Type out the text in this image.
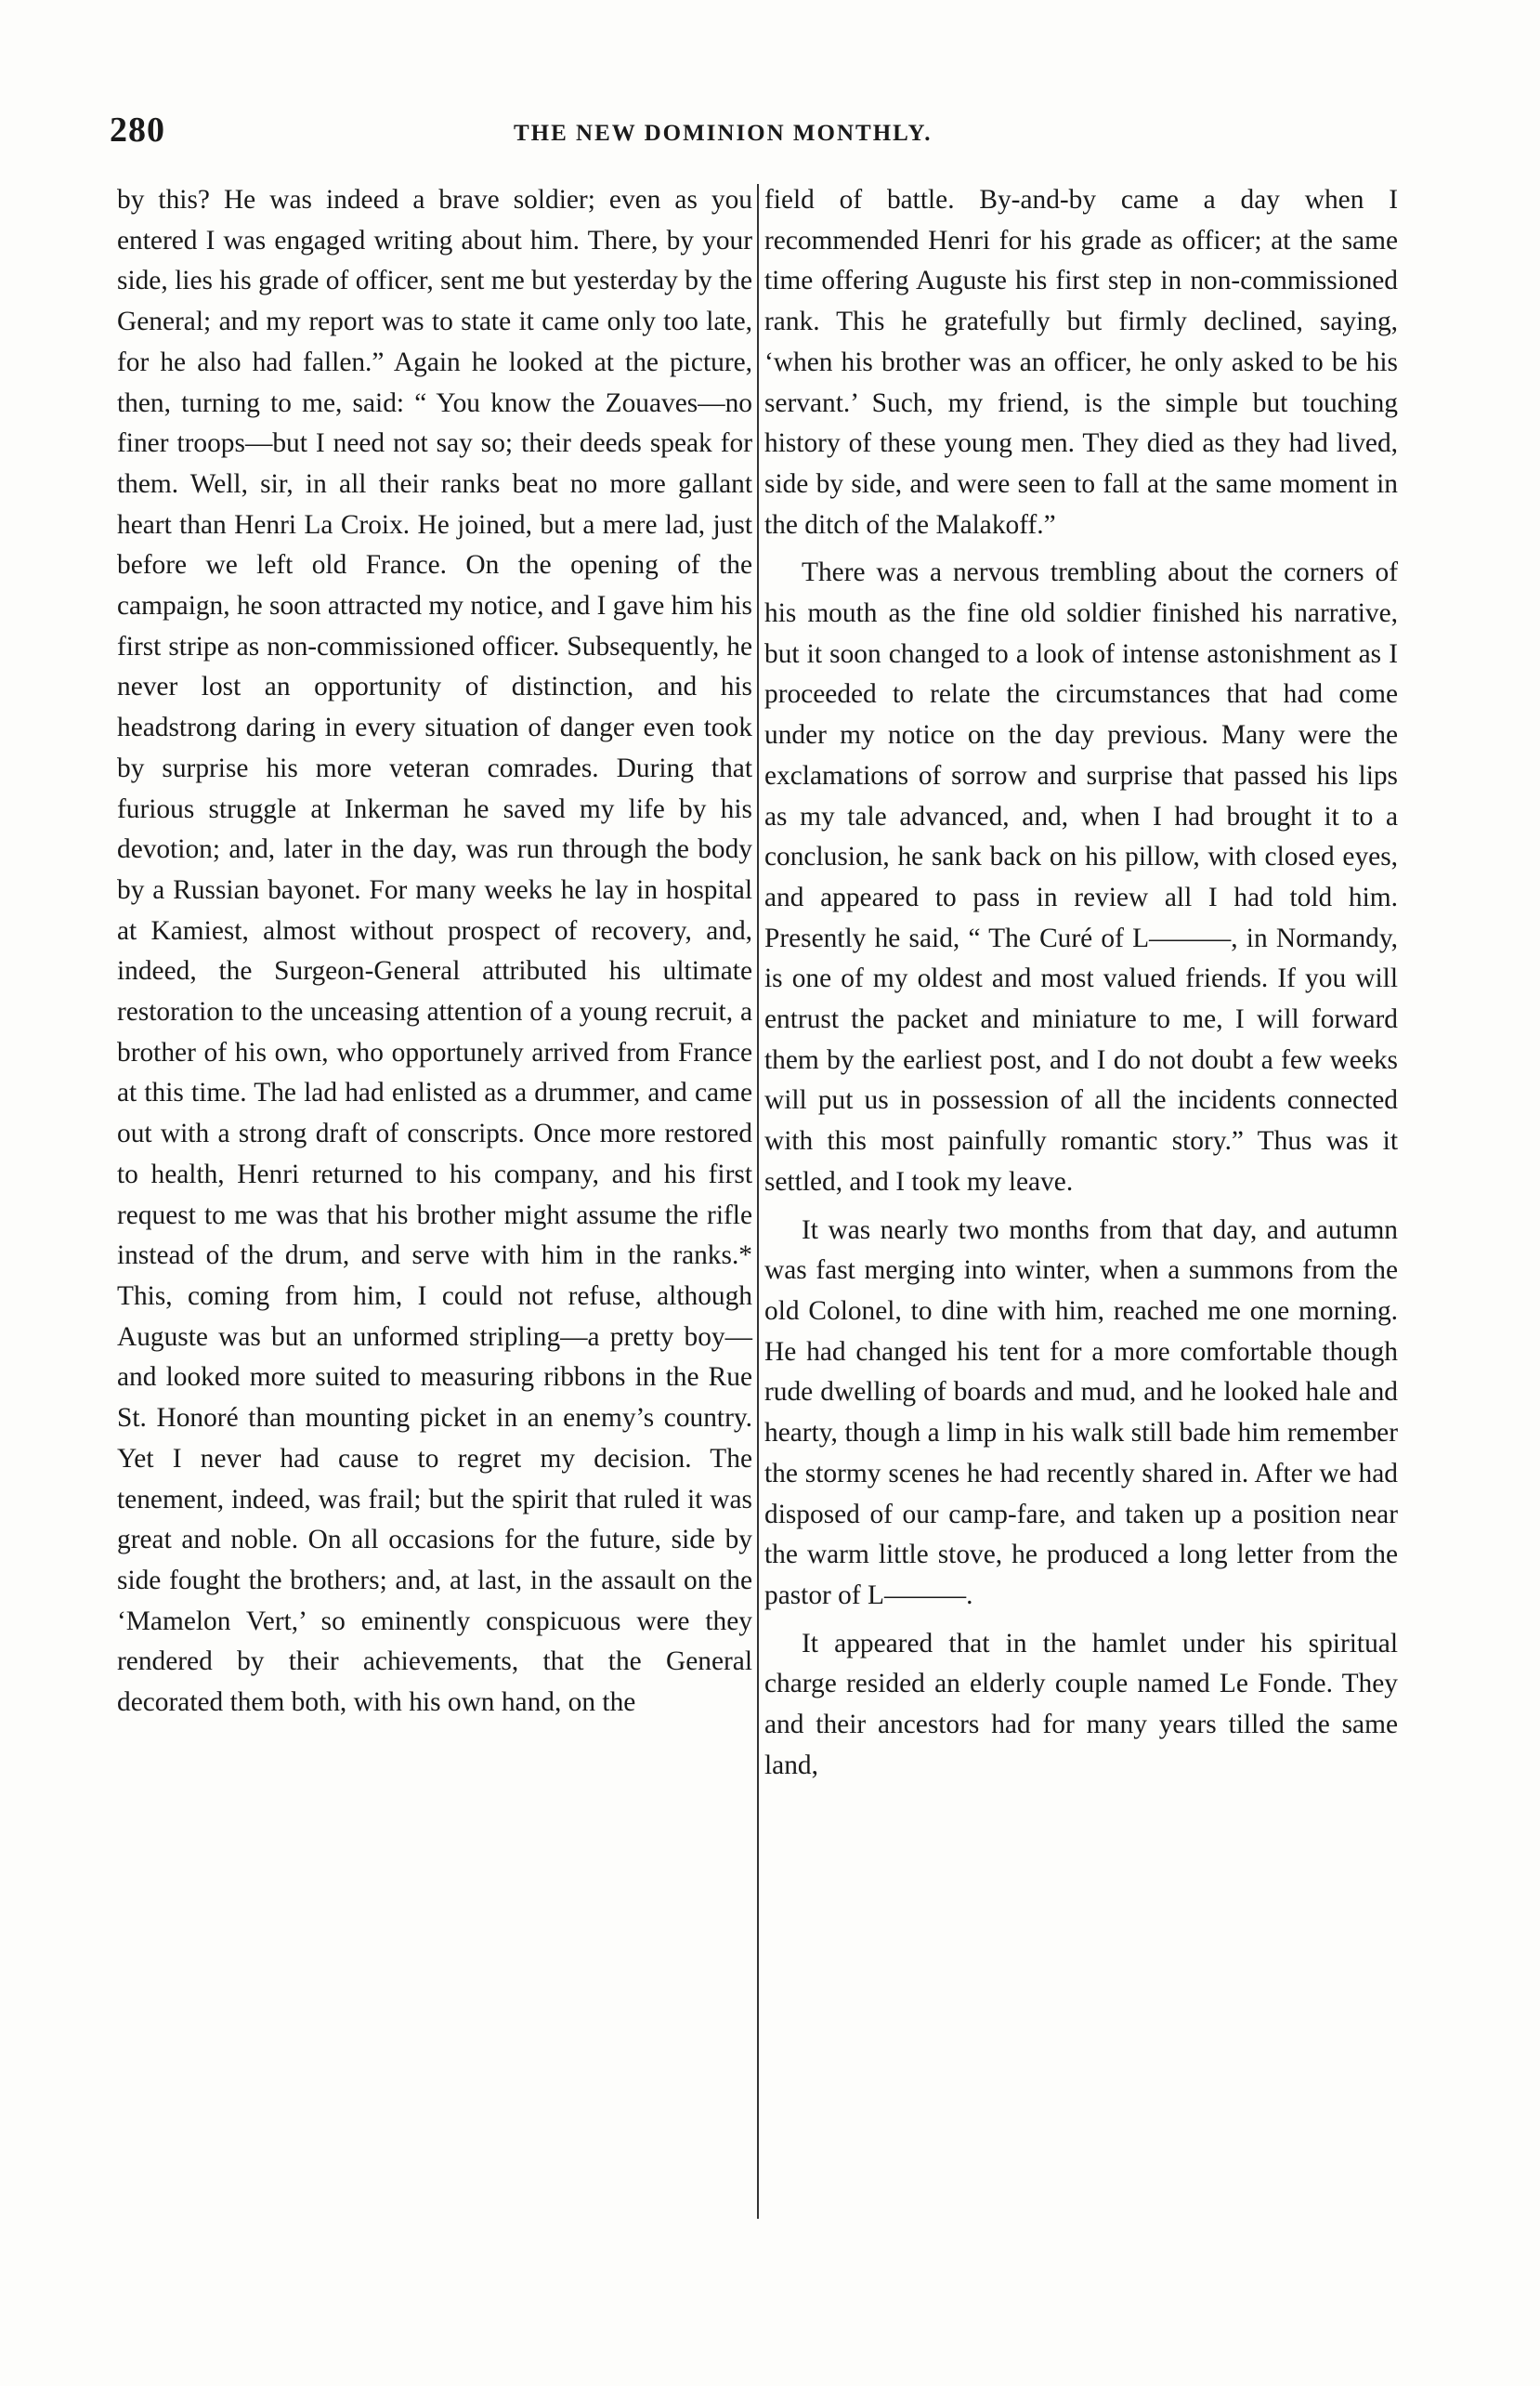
280	THE NEW DOMINION MONTHLY.

by this? He was indeed a brave soldier; even as you entered I was engaged writing about him. There, by your side, lies his grade of officer, sent me but yesterday by the General; and my report was to state it came only too late, for he also had fallen.” Again he looked at the picture, then, turning to me, said: “ You know the Zouaves—no finer troops—but I need not say so; their deeds speak for them. Well, sir, in all their ranks beat no more gallant heart than Henri La Croix. He joined, but a mere lad, just before we left old France. On the opening of the campaign, he soon attracted my notice, and I gave him his first stripe as non-commissioned officer. Subsequently, he never lost an opportunity of distinction, and his headstrong daring in every situation of danger even took by surprise his more veteran comrades. During that furious struggle at Inkerman he saved my life by his devotion; and, later in the day, was run through the body by a Russian bayonet. For many weeks he lay in hospital at Kamiest, almost without prospect of recovery, and, indeed, the Surgeon-General attributed his ultimate restoration to the unceasing attention of a young recruit, a brother of his own, who opportunely arrived from France at this time. The lad had enlisted as a drummer, and came out with a strong draft of conscripts. Once more restored to health, Henri returned to his company, and his first request to me was that his brother might assume the rifle instead of the drum, and serve with him in the ranks.* This, coming from him, I could not refuse, although Auguste was but an unformed stripling—a pretty boy—and looked more suited to measuring ribbons in the Rue St. Honoré than mounting picket in an enemy’s country. Yet I never had cause to regret my decision. The tenement, indeed, was frail; but the spirit that ruled it was great and noble. On all occasions for the future, side by side fought the brothers; and, at last, in the assault on the ‘Mamelon Vert,’ so eminently conspicuous were they rendered by their achievements, that the General decorated them both, with his own hand, on the

field of battle. By-and-by came a day when I recommended Henri for his grade as officer; at the same time offering Auguste his first step in non-commissioned rank. This he gratefully but firmly declined, saying, ‘when his brother was an officer, he only asked to be his servant.’ Such, my friend, is the simple but touching history of these young men. They died as they had lived, side by side, and were seen to fall at the same moment in the ditch of the Malakoff.”

There was a nervous trembling about the corners of his mouth as the fine old soldier finished his narrative, but it soon changed to a look of intense astonishment as I proceeded to relate the circumstances that had come under my notice on the day previous. Many were the exclamations of sorrow and surprise that passed his lips as my tale advanced, and, when I had brought it to a conclusion, he sank back on his pillow, with closed eyes, and appeared to pass in review all I had told him. Presently he said, “ The Curé of L———, in Normandy, is one of my oldest and most valued friends. If you will entrust the packet and miniature to me, I will forward them by the earliest post, and I do not doubt a few weeks will put us in possession of all the incidents connected with this most painfully romantic story.” Thus was it settled, and I took my leave.

It was nearly two months from that day, and autumn was fast merging into winter, when a summons from the old Colonel, to dine with him, reached me one morning. He had changed his tent for a more comfortable though rude dwelling of boards and mud, and he looked hale and hearty, though a limp in his walk still bade him remember the stormy scenes he had recently shared in. After we had disposed of our camp-fare, and taken up a position near the warm little stove, he produced a long letter from the pastor of L———.

It appeared that in the hamlet under his spiritual charge resided an elderly couple named Le Fonde. They and their ancestors had for many years tilled the same land,
